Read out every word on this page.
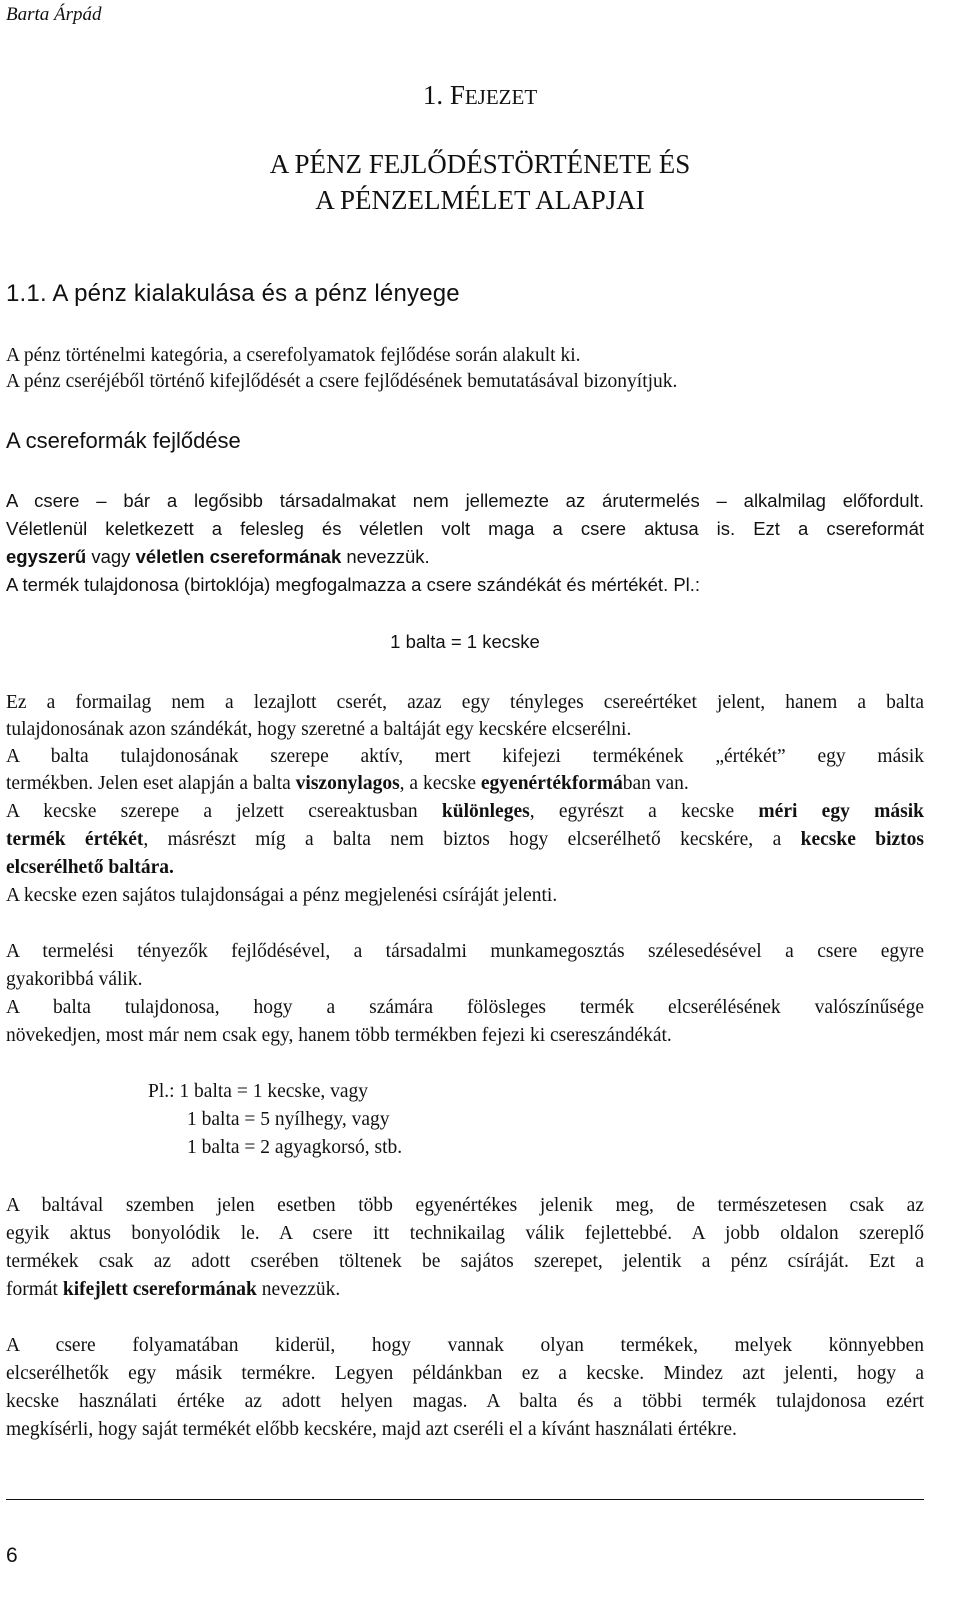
Barta Árpád
1. FEJEZET
A PÉNZ FEJLŐDÉSTÖRTÉNETE ÉS
A PÉNZELMÉLET ALAPJAI
1.1. A pénz kialakulása és a pénz lényege
A pénz történelmi kategória, a cserefolyamatok fejlődése során alakult ki.
A pénz cseréjéből történő kifejlődését a csere fejlődésének bemutatásával bizonyítjuk.
A csereformák fejlődése
A csere – bár a legősibb társadalmakat nem jellemezte az árutermelés – alkalmilag előfordult.
Véletlenül keletkezett a felesleg és véletlen volt maga a csere aktusa is. Ezt a csereformát
egyszerű vagy véletlen csereformának nevezzük.
A termék tulajdonosa (birtoklója) megfogalmazza a csere szándékát és mértékét. Pl.:
1 balta = 1 kecske
Ez a formailag nem a lezajlott cserét, azaz egy tényleges csereértéket jelent, hanem a balta
tulajdonosának azon szándékát, hogy szeretné a baltáját egy kecskére elcserélni.
A balta tulajdonosának szerepe aktív, mert kifejezi termékének „értékét” egy másik
termékben. Jelen eset alapján a balta viszonylagos, a kecske egyenértékformában van.
A kecske szerepe a jelzett csereaktusban különleges, egyrészt a kecske méri egy másik
termék értékét, másrészt míg a balta nem biztos hogy elcserélhető kecskére, a kecske biztos
elcserélhető baltára.
A kecske ezen sajátos tulajdonságai a pénz megjelenési csíráját jelenti.
A termelési tényezők fejlődésével, a társadalmi munkamegosztás szélesedésével a csere egyre
gyakoribbá válik.
A balta tulajdonosa, hogy a számára fölösleges termék elcserélésének valószínűsége
növekedjen, most már nem csak egy, hanem több termékben fejezi ki csereszándékát.
Pl.: 1 balta = 1 kecske, vagy
1 balta = 5 nyílhegy, vagy
1 balta = 2 agyagkorsó, stb.
A baltával szemben jelen esetben több egyenértékes jelenik meg, de természetesen csak az
egyik aktus bonyolódik le. A csere itt technikailag válik fejlettebbé. A jobb oldalon szereplő
termékek csak az adott cserében töltenek be sajátos szerepet, jelentik a pénz csíráját. Ezt a
formát kifejlett csereformának nevezzük.
A csere folyamatában kiderül, hogy vannak olyan termékek, melyek könnyebben
elcserélhetők egy másik termékre. Legyen példánkban ez a kecske. Mindez azt jelenti, hogy a
kecske használati értéke az adott helyen magas. A balta és a többi termék tulajdonosa ezért
megkísérli, hogy saját termékét előbb kecskére, majd azt cseréli el a kívánt használati értékre.
6
